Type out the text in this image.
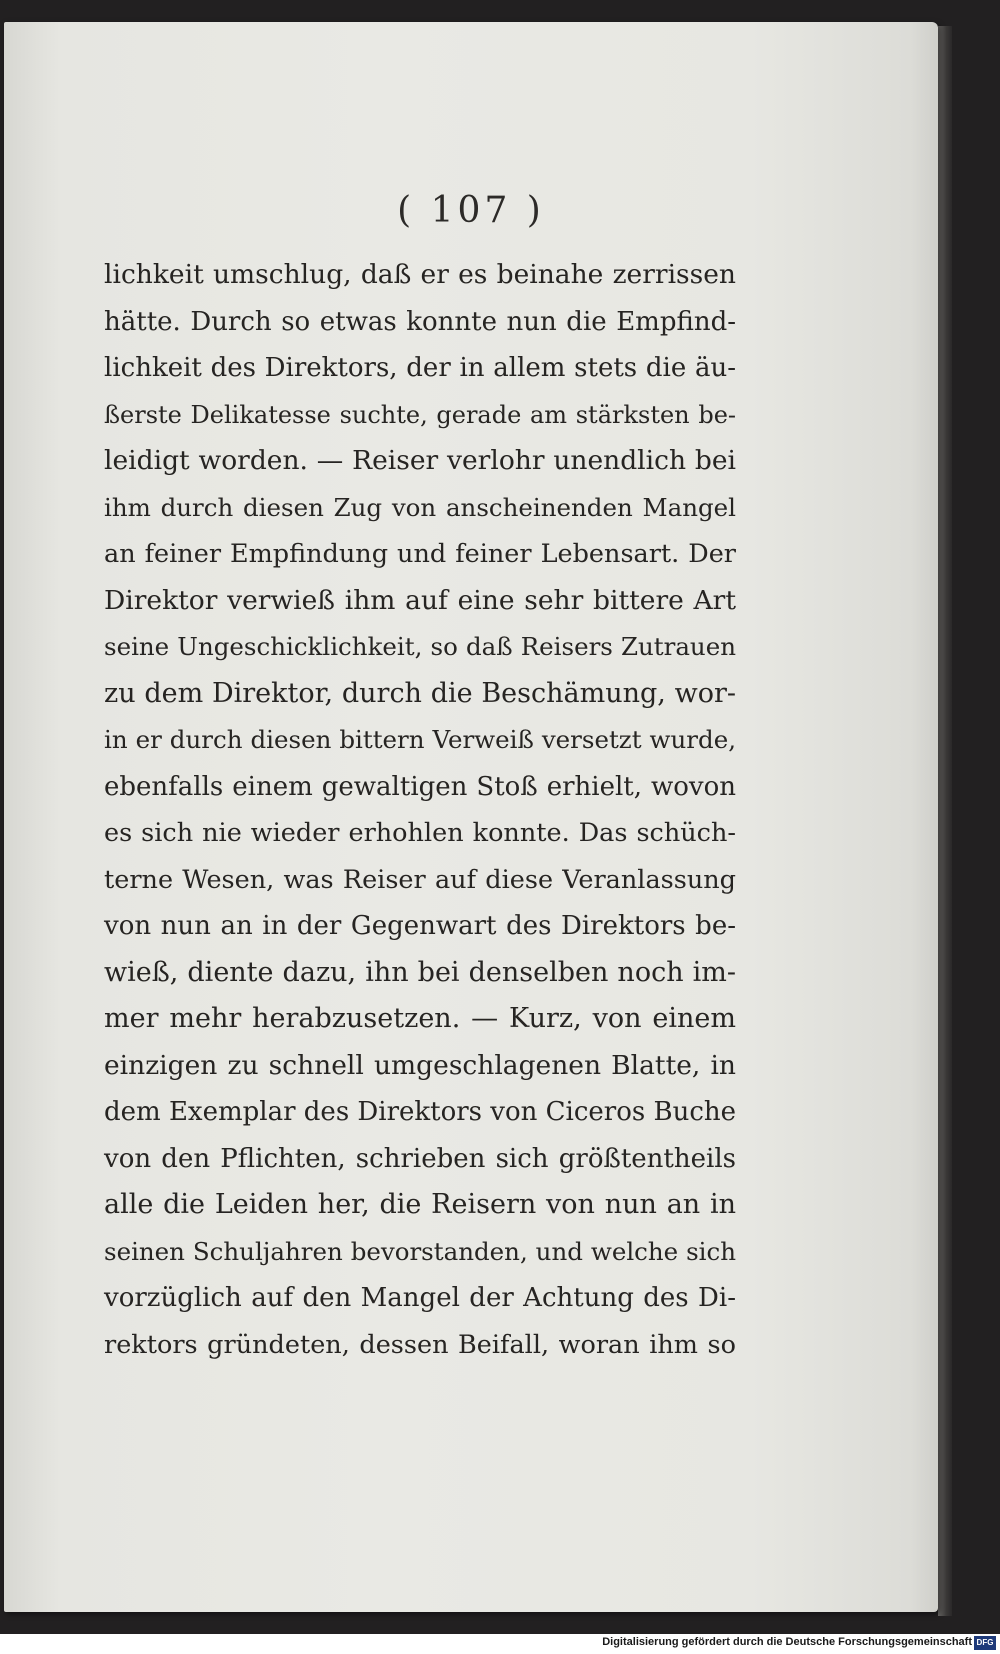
( 107 )
lichkeit umschlug, daß er es beinahe zerrissen
hätte. Durch so etwas konnte nun die Empfind-
lichkeit des Direktors, der in allem stets die äu-
ßerste Delikatesse suchte, gerade am stärksten be-
leidigt worden. — Reiser verlohr unendlich bei
ihm durch diesen Zug von anscheinenden Mangel
an feiner Empfindung und feiner Lebensart. Der
Direktor verwieß ihm auf eine sehr bittere Art
seine Ungeschicklichkeit, so daß Reisers Zutrauen
zu dem Direktor, durch die Beschämung, wor-
in er durch diesen bittern Verweiß versetzt wurde,
ebenfalls einem gewaltigen Stoß erhielt, wovon
es sich nie wieder erhohlen konnte. Das schüch-
terne Wesen, was Reiser auf diese Veranlassung
von nun an in der Gegenwart des Direktors be-
wieß, diente dazu, ihn bei denselben noch im-
mer mehr herabzusetzen. — Kurz, von einem
einzigen zu schnell umgeschlagenen Blatte, in
dem Exemplar des Direktors von Ciceros Buche
von den Pflichten, schrieben sich größtentheils
alle die Leiden her, die Reisern von nun an in
seinen Schuljahren bevorstanden, und welche sich
vorzüglich auf den Mangel der Achtung des Di-
rektors gründeten, dessen Beifall, woran ihm so
Digitalisierung gefördert durch die Deutsche Forschungsgemeinschaft DFG
